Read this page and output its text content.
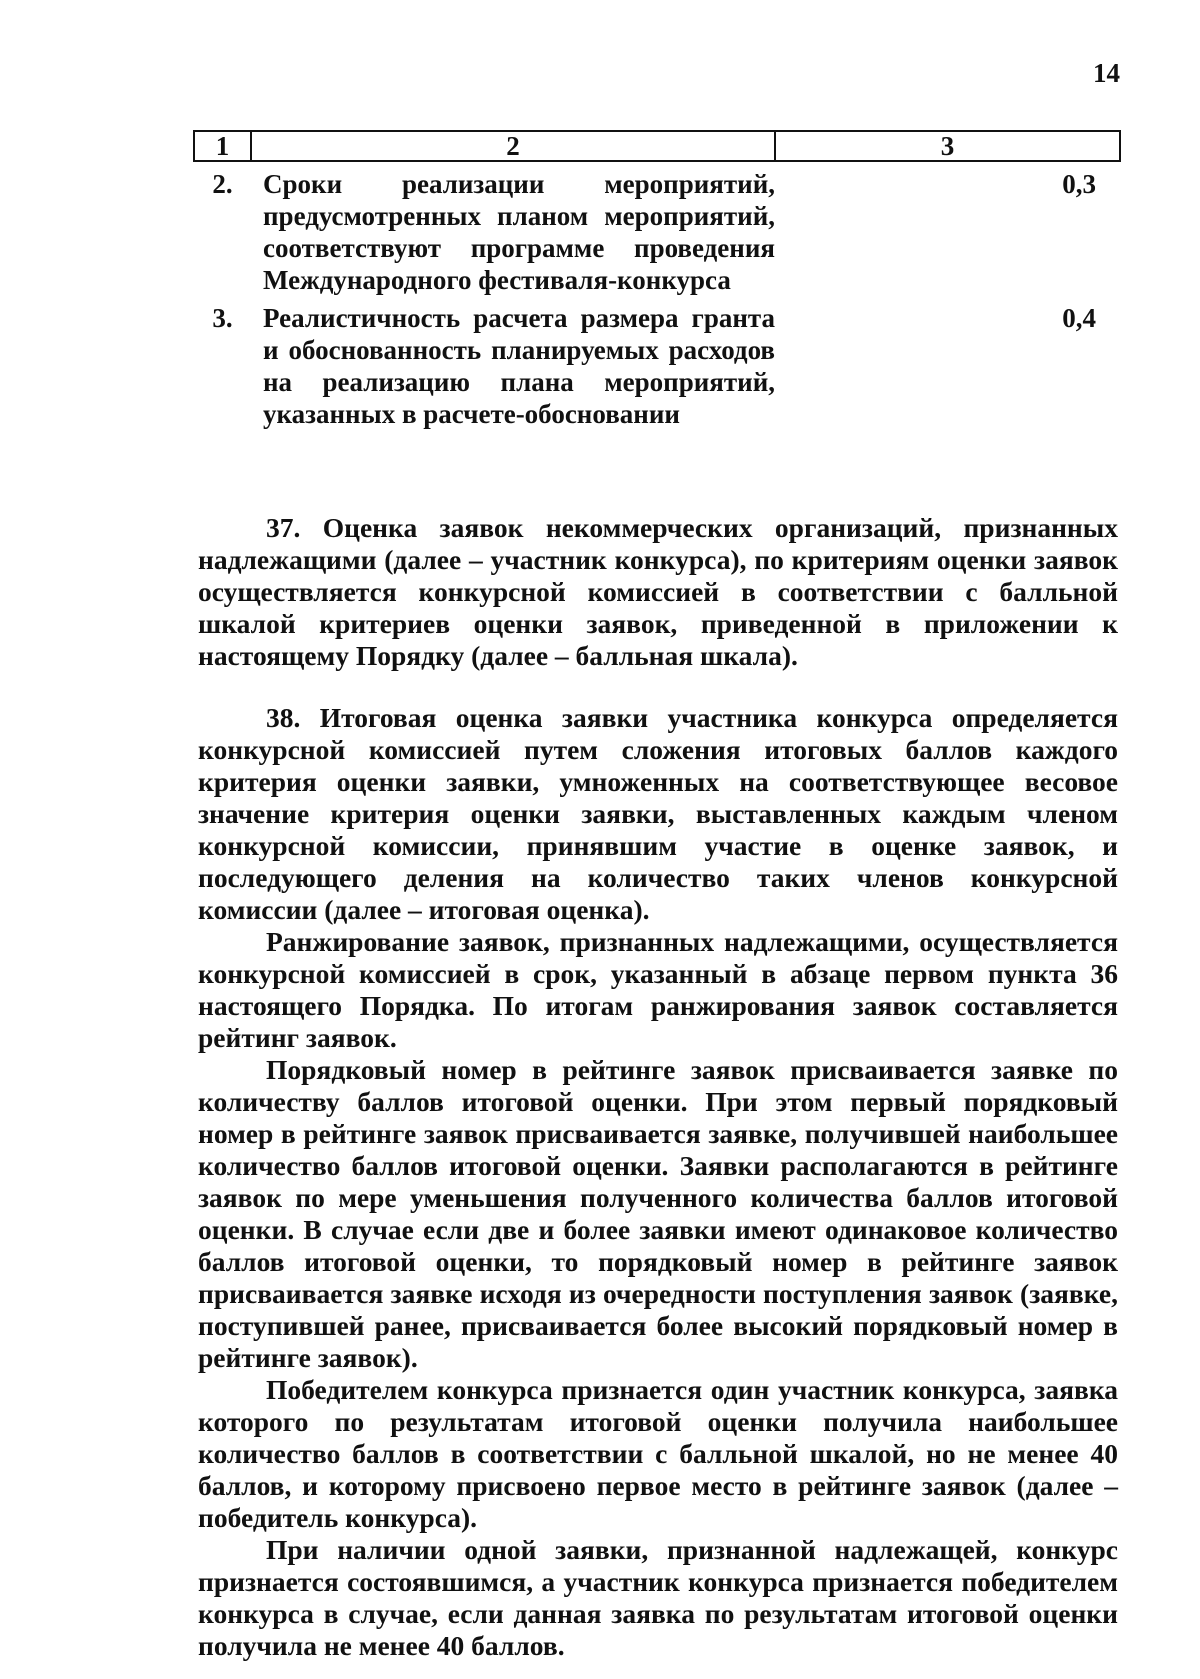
14
1	2	3
2.	Сроки реализации мероприятий, предусмотренных планом мероприятий, соответствуют программе проведения Международного фестиваля-конкурса	0,3
3.	Реалистичность расчета размера гранта и обоснованность планируемых расходов на реализацию плана мероприятий, указанных в расчете-обосновании	0,4

37. Оценка заявок некоммерческих организаций, признанных надлежащими (далее – участник конкурса), по критериям оценки заявок осуществляется конкурсной комиссией в соответствии с балльной шкалой критериев оценки заявок, приведенной в приложении к настоящему Порядку (далее – балльная шкала).

38. Итоговая оценка заявки участника конкурса определяется конкурсной комиссией путем сложения итоговых баллов каждого критерия оценки заявки, умноженных на соответствующее весовое значение критерия оценки заявки, выставленных каждым членом конкурсной комиссии, принявшим участие в оценке заявок, и последующего деления на количество таких членов конкурсной комиссии (далее – итоговая оценка).

Ранжирование заявок, признанных надлежащими, осуществляется конкурсной комиссией в срок, указанный в абзаце первом пункта 36 настоящего Порядка. По итогам ранжирования заявок составляется рейтинг заявок.

Порядковый номер в рейтинге заявок присваивается заявке по количеству баллов итоговой оценки. При этом первый порядковый номер в рейтинге заявок присваивается заявке, получившей наибольшее количество баллов итоговой оценки. Заявки располагаются в рейтинге заявок по мере уменьшения полученного количества баллов итоговой оценки. В случае если две и более заявки имеют одинаковое количество баллов итоговой оценки, то порядковый номер в рейтинге заявок присваивается заявке исходя из очередности поступления заявок (заявке, поступившей ранее, присваивается более высокий порядковый номер в рейтинге заявок).

Победителем конкурса признается один участник конкурса, заявка которого по результатам итоговой оценки получила наибольшее количество баллов в соответствии с балльной шкалой, но не менее 40 баллов, и которому присвоено первое место в рейтинге заявок (далее – победитель конкурса).

При наличии одной заявки, признанной надлежащей, конкурс признается состоявшимся, а участник конкурса признается победителем конкурса в случае, если данная заявка по результатам итоговой оценки получила не менее 40 баллов.
